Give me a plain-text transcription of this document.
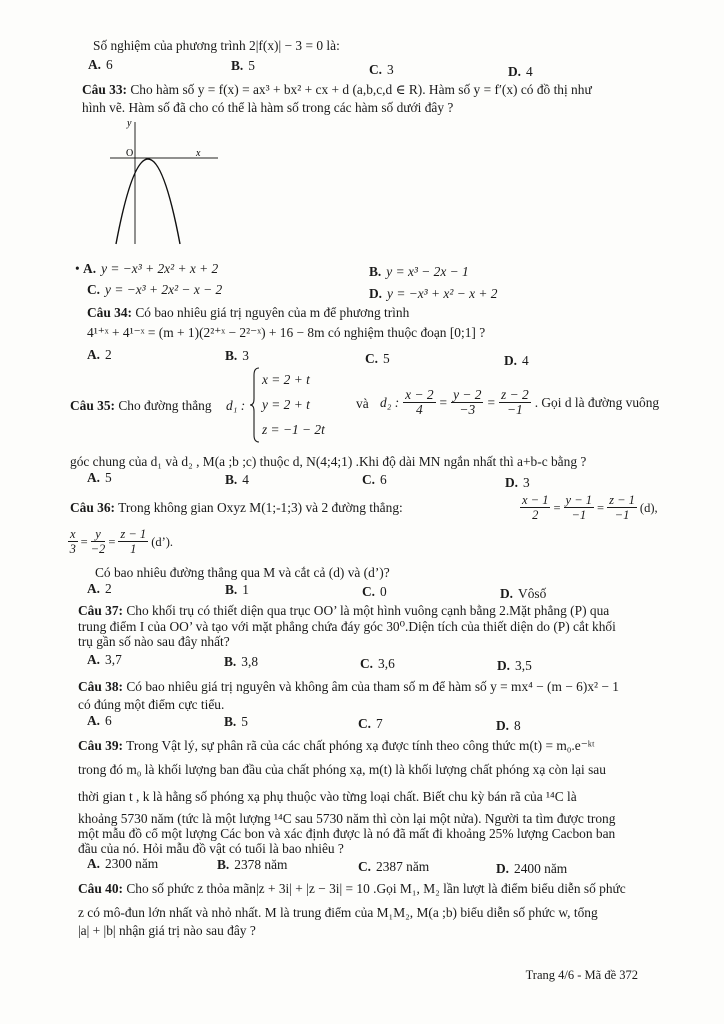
Số nghiệm của phương trình 2|f(x)| − 3 = 0 là:
A. 6	B. 5	C. 3	D. 4
Câu 33: Cho hàm số y = f(x) = ax³ + bx² + cx + d (a,b,c,d ∈ R). Hàm số y = f′(x) có đồ thị như
hình vẽ. Hàm số đã cho có thể là hàm số trong các hàm số dưới đây ?
y
x
O
• A. y = −x³ + 2x² + x + 2	B. y = x³ − 2x − 1
C. y = −x³ + 2x² − x − 2	D. y = −x³ + x² − x + 2
Câu 34: Có bao nhiêu giá trị nguyên của m để phương trình
4¹⁺ˣ + 4¹⁻ˣ = (m + 1)(2²⁺ˣ − 2²⁻ˣ) + 16 − 8m có nghiệm thuộc đoạn [0;1] ?
A. 2	B. 3	C. 5	D. 4
Câu 35: Cho đường thẳng d₁ :
x = 2 + t
y = 2 + t
z = −1 − 2t
và d₂ : $\frac{x - 2}{4} = \frac{y - 2}{-3} = \frac{z - 2}{-1}$ . Gọi d là đường vuông
góc chung của d₁ và d₂ , M(a ;b ;c) thuộc d, N(4;4;1) .Khi độ dài MN ngắn nhất thì a+b-c bằng ?
A. 5	B. 4	C. 6	D. 3
Câu 36: Trong không gian Oxyz M(1;-1;3) và 2 đường thẳng:	$\frac{x - 1}{2} = \frac{y - 1}{-1} = \frac{z - 1}{-1} (d)$,
$\frac{x}{3} = \frac{y}{-2} = \frac{z - 1}{1}$ (d’).
Có bao nhiêu đường thẳng qua M và cắt cả (d) và (d’)?
A. 2	B. 1	C. 0	D. Vôsố
Câu 37: Cho khối trụ có thiết diện qua trục OO’ là một hình vuông cạnh bằng 2.Mặt phẳng (P) qua
trung điểm I của OO’ và tạo với mặt phẳng chứa đáy góc 30⁰.Diện tích của thiết diện do (P) cắt khối
trụ gần số nào sau đây nhất?
A. 3,7	B. 3,8	C. 3,6	D. 3,5
Câu 38: Có bao nhiêu giá trị nguyên và không âm của tham số m để hàm số y = mx⁴ − (m − 6)x² − 1
có đúng một điểm cực tiểu.
A. 6	B. 5	C. 7	D. 8
Câu 39: Trong Vật lý, sự phân rã của các chất phóng xạ được tính theo công thức m(t) = m₀.e⁻ᵏᵗ
trong đó m₀ là khối lượng ban đầu của chất phóng xạ, m(t) là khối lượng chất phóng xạ còn lại sau
thời gian t , k là hằng số phóng xạ phụ thuộc vào từng loại chất. Biết chu kỳ bán rã của ¹⁴C là
khoảng 5730 năm (tức là một lượng ¹⁴C sau 5730 năm thì còn lại một nửa). Người ta tìm được trong
một mẫu đồ cổ một lượng Các bon và xác định được là nó đã mất đi khoảng 25% lượng Cacbon ban
đầu của nó. Hỏi mẫu đồ vật có tuổi là bao nhiêu ?
A. 2300 năm	B. 2378 năm	C. 2387 năm	D. 2400 năm
Câu 40: Cho số phức z thỏa mãn|z + 3i| + |z − 3i| = 10 .Gọi M₁, M₂ lần lượt là điểm biểu diễn số phức
z có mô-đun lớn nhất và nhỏ nhất. M là trung điểm của M₁M₂, M(a ;b) biểu diễn số phức w, tổng
|a| + |b| nhận giá trị nào sau đây ?
Trang 4/6 - Mã đề 372
